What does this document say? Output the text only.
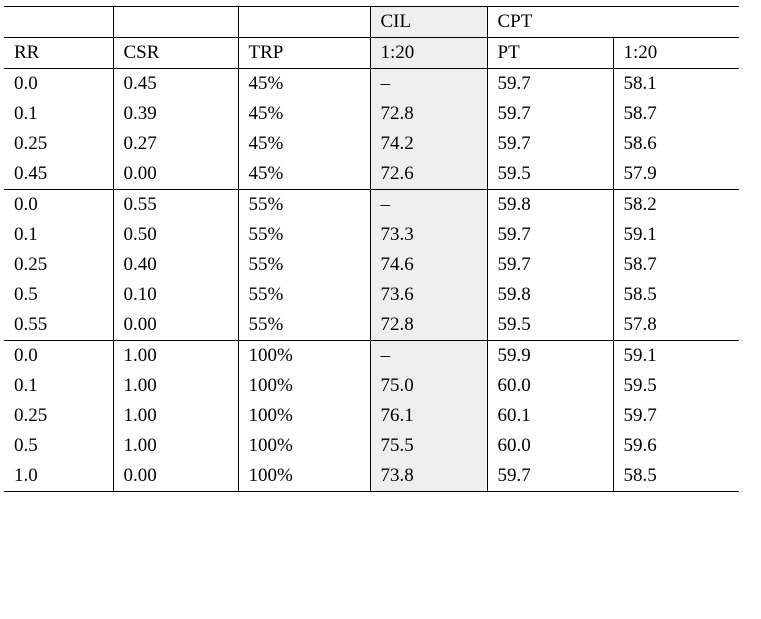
			CIL	CPT	
RR	CSR	TRP	1:20	PT	1:20
0.0	0.45	45%	–	59.7	58.1
0.1	0.39	45%	72.8	59.7	58.7
0.25	0.27	45%	74.2	59.7	58.6
0.45	0.00	45%	72.6	59.5	57.9
0.0	0.55	55%	–	59.8	58.2
0.1	0.50	55%	73.3	59.7	59.1
0.25	0.40	55%	74.6	59.7	58.7
0.5	0.10	55%	73.6	59.8	58.5
0.55	0.00	55%	72.8	59.5	57.8
0.0	1.00	100%	–	59.9	59.1
0.1	1.00	100%	75.0	60.0	59.5
0.25	1.00	100%	76.1	60.1	59.7
0.5	1.00	100%	75.5	60.0	59.6
1.0	0.00	100%	73.8	59.7	58.5
